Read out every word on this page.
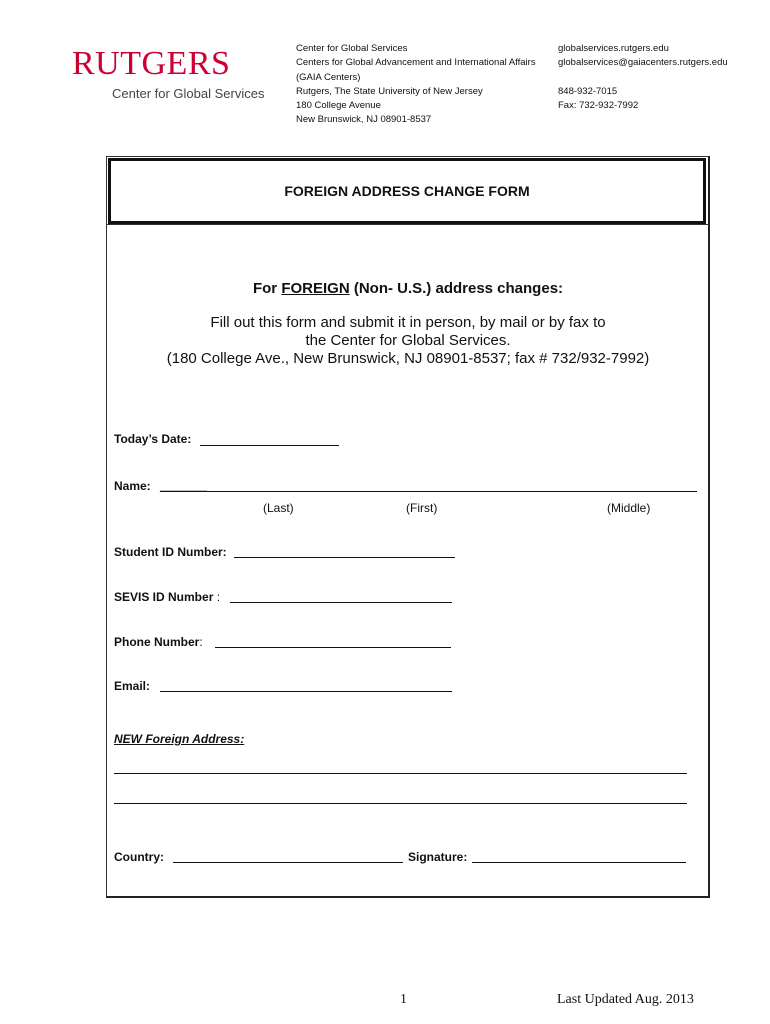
RUTGERS
Center for Global Services
Center for Global Services
Centers for Global Advancement and International Affairs
(GAIA Centers)
Rutgers, The State University of New Jersey
180 College Avenue
New Brunswick, NJ 08901-8537
globalservices.rutgers.edu
globalservices@gaiacenters.rutgers.edu
848-932-7015
Fax: 732-932-7992
FOREIGN ADDRESS CHANGE FORM
For FOREIGN (Non- U.S.) address changes:
Fill out this form and submit it in person, by mail or by fax to
the Center for Global Services.
(180 College Ave., New Brunswick, NJ 08901-8537; fax # 732/932-7992)
Today’s Date:
Name: _______
(Last)	(First)	(Middle)
Student ID Number:
SEVIS ID Number :
Phone Number:
Email:
NEW Foreign Address:
Country:	Signature:
1	Last Updated Aug. 2013
